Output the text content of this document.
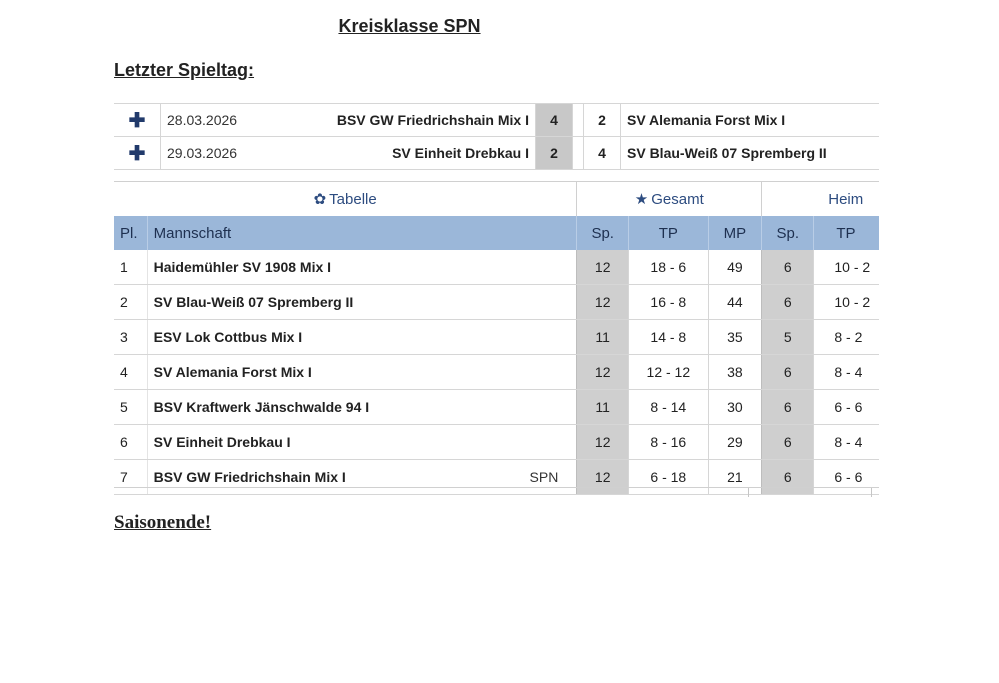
Kreisklasse SPN
Letzter Spieltag:
✚	28.03.2026	BSV GW Friedrichshain Mix I	4		2	SV Alemania Forst Mix I
✚	29.03.2026	SV Einheit Drebkau I	2		4	SV Blau-Weiß 07 Spremberg II
✿ Tabelle			★ Gesamt			Heim	
Pl.	Mannschaft		Sp.	TP	MP	Sp.	TP
1	Haidemühler SV 1908 Mix I		12	18 - 6	49	6	10 - 2
2	SV Blau-Weiß 07 Spremberg II		12	16 - 8	44	6	10 - 2
3	ESV Lok Cottbus Mix I		11	14 - 8	35	5	8 - 2
4	SV Alemania Forst Mix I		12	12 - 12	38	6	8 - 4
5	BSV Kraftwerk Jänschwalde 94 I		11	8 - 14	30	6	6 - 6
6	SV Einheit Drebkau I		12	8 - 16	29	6	8 - 4
7	BSV GW Friedrichshain Mix I	SPN	12	6 - 18	21	6	6 - 6
Saisonende!
